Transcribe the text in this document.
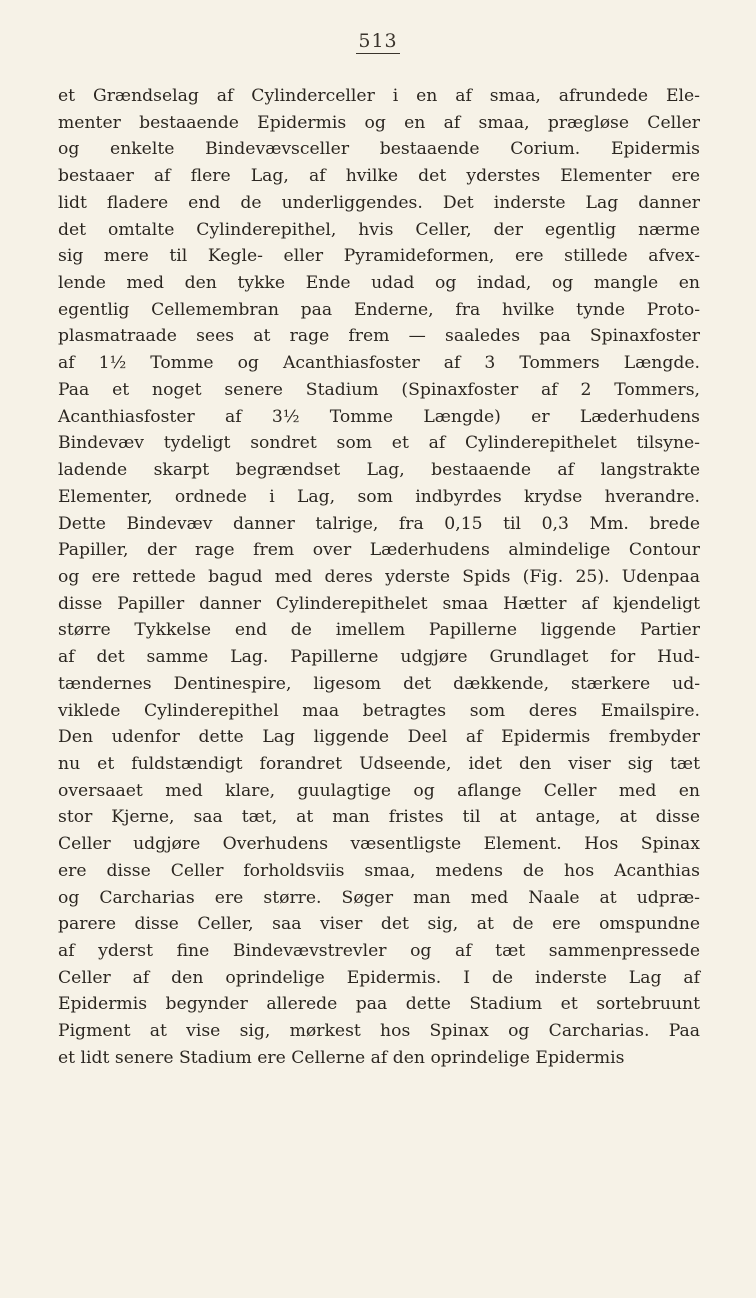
513
et Grændselag af Cylinderceller i en af smaa, afrundede Ele-
menter bestaaende Epidermis og en af smaa, prægløse Celler
og enkelte Bindevævsceller bestaaende Corium. Epidermis
bestaaer af flere Lag, af hvilke det yderstes Elementer ere
lidt fladere end de underliggendes. Det inderste Lag danner
det omtalte Cylinderepithel, hvis Celler, der egentlig nærme
sig mere til Kegle- eller Pyramideformen, ere stillede afvex-
lende med den tykke Ende udad og indad, og mangle en
egentlig Cellemembran paa Enderne, fra hvilke tynde Proto-
plasmatraade sees at rage frem — saaledes paa Spinaxfoster
af 1½ Tomme og Acanthiasfoster af 3 Tommers Længde.
Paa et noget senere Stadium (Spinaxfoster af 2 Tommers,
Acanthiasfoster af 3½ Tomme Længde) er Læderhudens
Bindevæv tydeligt sondret som et af Cylinderepithelet tilsyne-
ladende skarpt begrændset Lag, bestaaende af langstrakte
Elementer, ordnede i Lag, som indbyrdes krydse hverandre.
Dette Bindevæv danner talrige, fra 0,15 til 0,3 Mm. brede
Papiller, der rage frem over Læderhudens almindelige Contour
og ere rettede bagud med deres yderste Spids (Fig. 25). Udenpaa
disse Papiller danner Cylinderepithelet smaa Hætter af kjendeligt
større Tykkelse end de imellem Papillerne liggende Partier
af det samme Lag. Papillerne udgjøre Grundlaget for Hud-
tændernes Dentinespire, ligesom det dækkende, stærkere ud-
viklede Cylinderepithel maa betragtes som deres Emailspire.
Den udenfor dette Lag liggende Deel af Epidermis frembyder
nu et fuldstændigt forandret Udseende, idet den viser sig tæt
oversaaet med klare, guulagtige og aflange Celler med en
stor Kjerne, saa tæt, at man fristes til at antage, at disse
Celler udgjøre Overhudens væsentligste Element. Hos Spinax
ere disse Celler forholdsviis smaa, medens de hos Acanthias
og Carcharias ere større. Søger man med Naale at udpræ-
parere disse Celler, saa viser det sig, at de ere omspundne
af yderst fine Bindevævstrevler og af tæt sammenpressede
Celler af den oprindelige Epidermis. I de inderste Lag af
Epidermis begynder allerede paa dette Stadium et sortebruunt
Pigment at vise sig, mørkest hos Spinax og Carcharias. Paa
et lidt senere Stadium ere Cellerne af den oprindelige Epidermis
